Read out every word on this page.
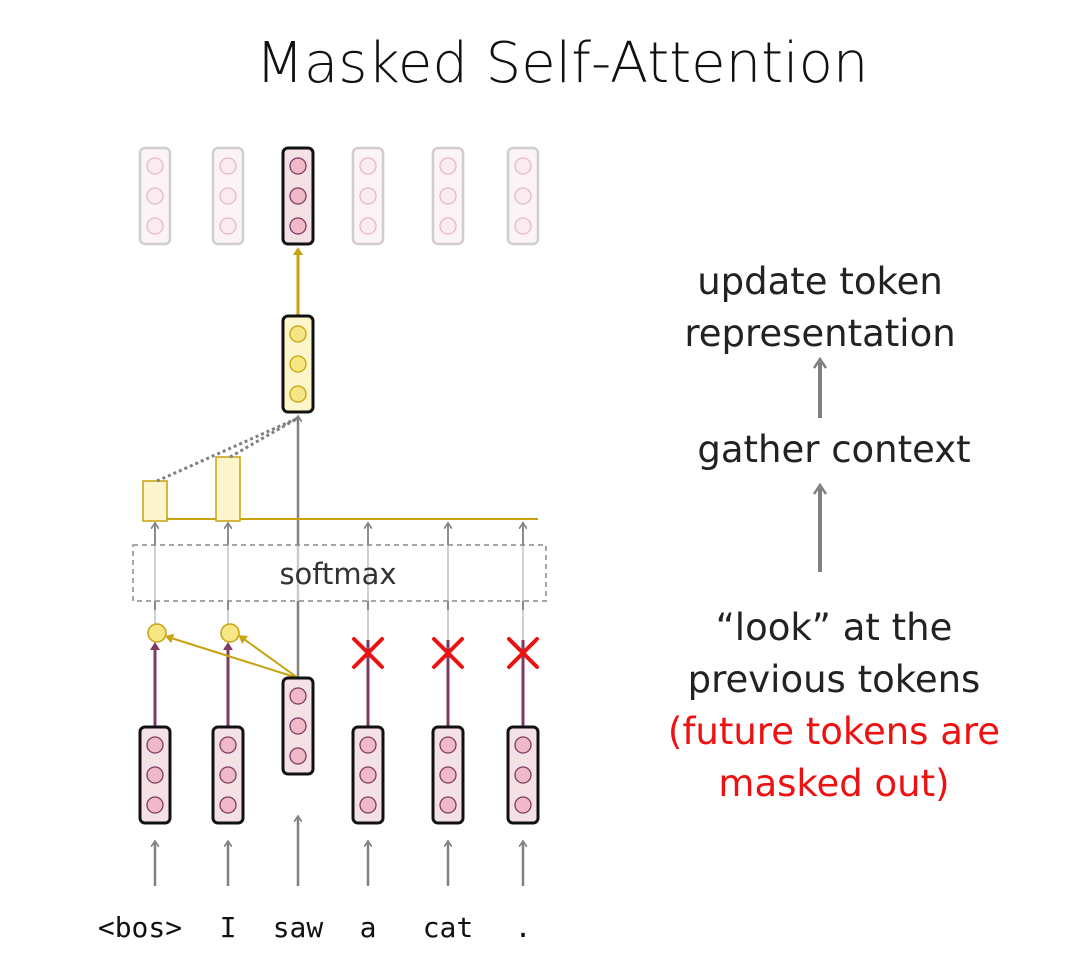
Masked Self-Attention
softmax
<bos> I saw a cat .
update token
representation
gather context
“look” at the
previous tokens
(future tokens are
masked out)
